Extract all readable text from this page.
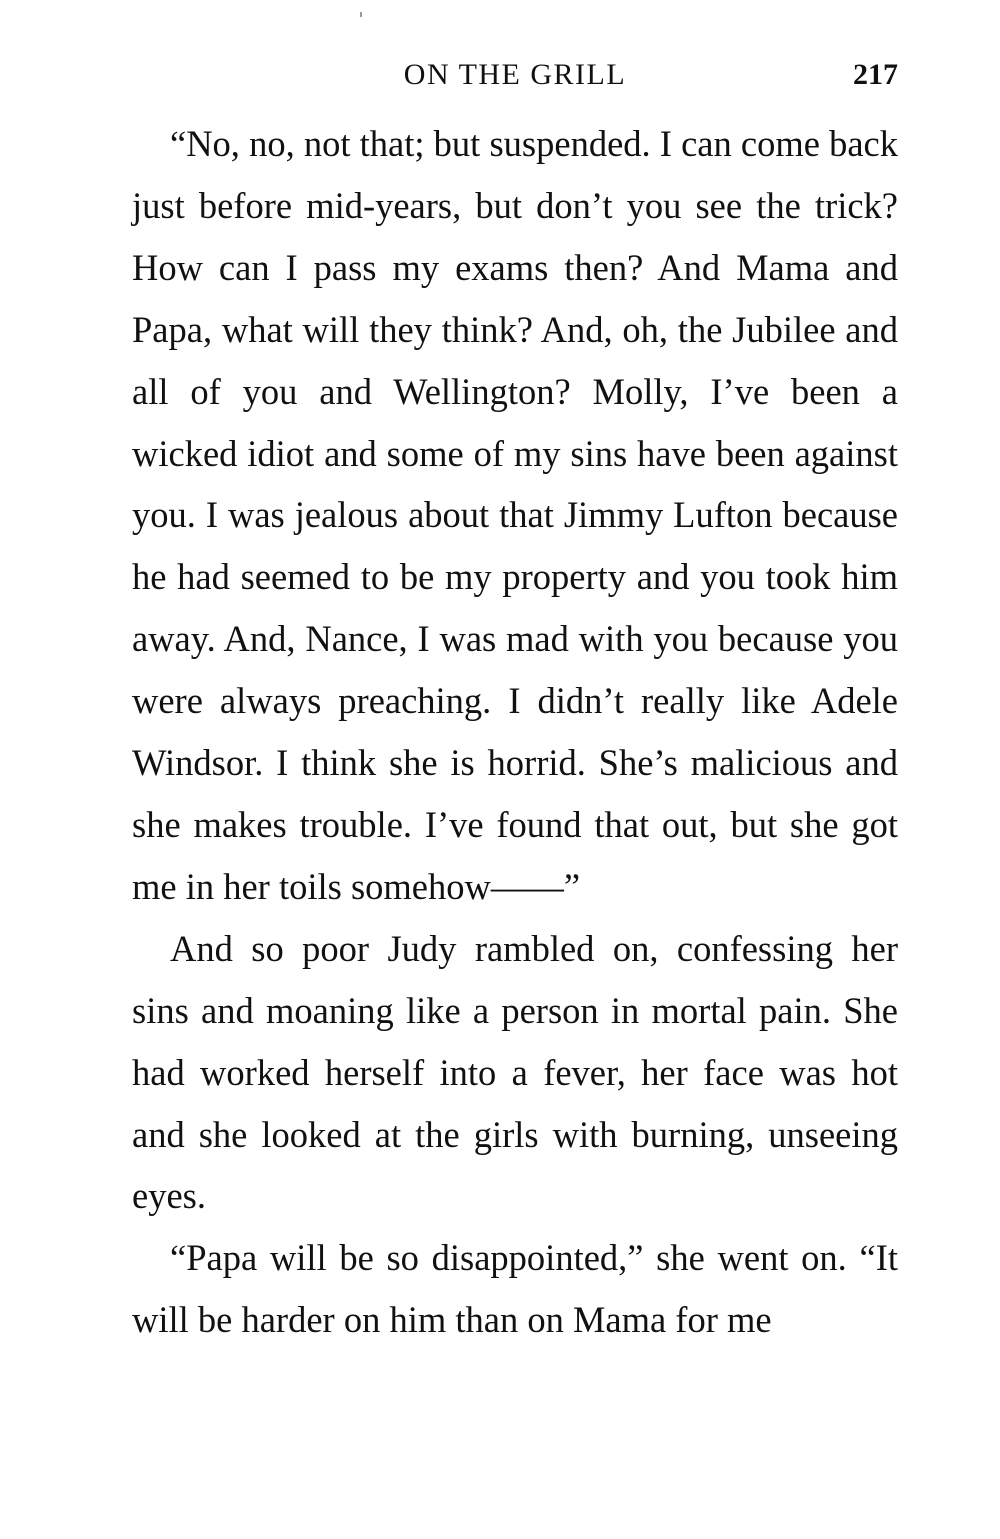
ON THE GRILL	217

“No, no, not that; but suspended. I can come back just before mid-years, but don’t you see the trick? How can I pass my exams then? And Mama and Papa, what will they think? And, oh, the Jubilee and all of you and Wellington? Molly, I’ve been a wicked idiot and some of my sins have been against you. I was jealous about that Jimmy Lufton because he had seemed to be my property and you took him away. And, Nance, I was mad with you because you were always preaching. I didn’t really like Adele Windsor. I think she is horrid. She’s malicious and she makes trouble. I’ve found that out, but she got me in her toils somehow——”

And so poor Judy rambled on, confessing her sins and moaning like a person in mortal pain. She had worked herself into a fever, her face was hot and she looked at the girls with burning, unseeing eyes.

“Papa will be so disappointed,” she went on. “It will be harder on him than on Mama for me
